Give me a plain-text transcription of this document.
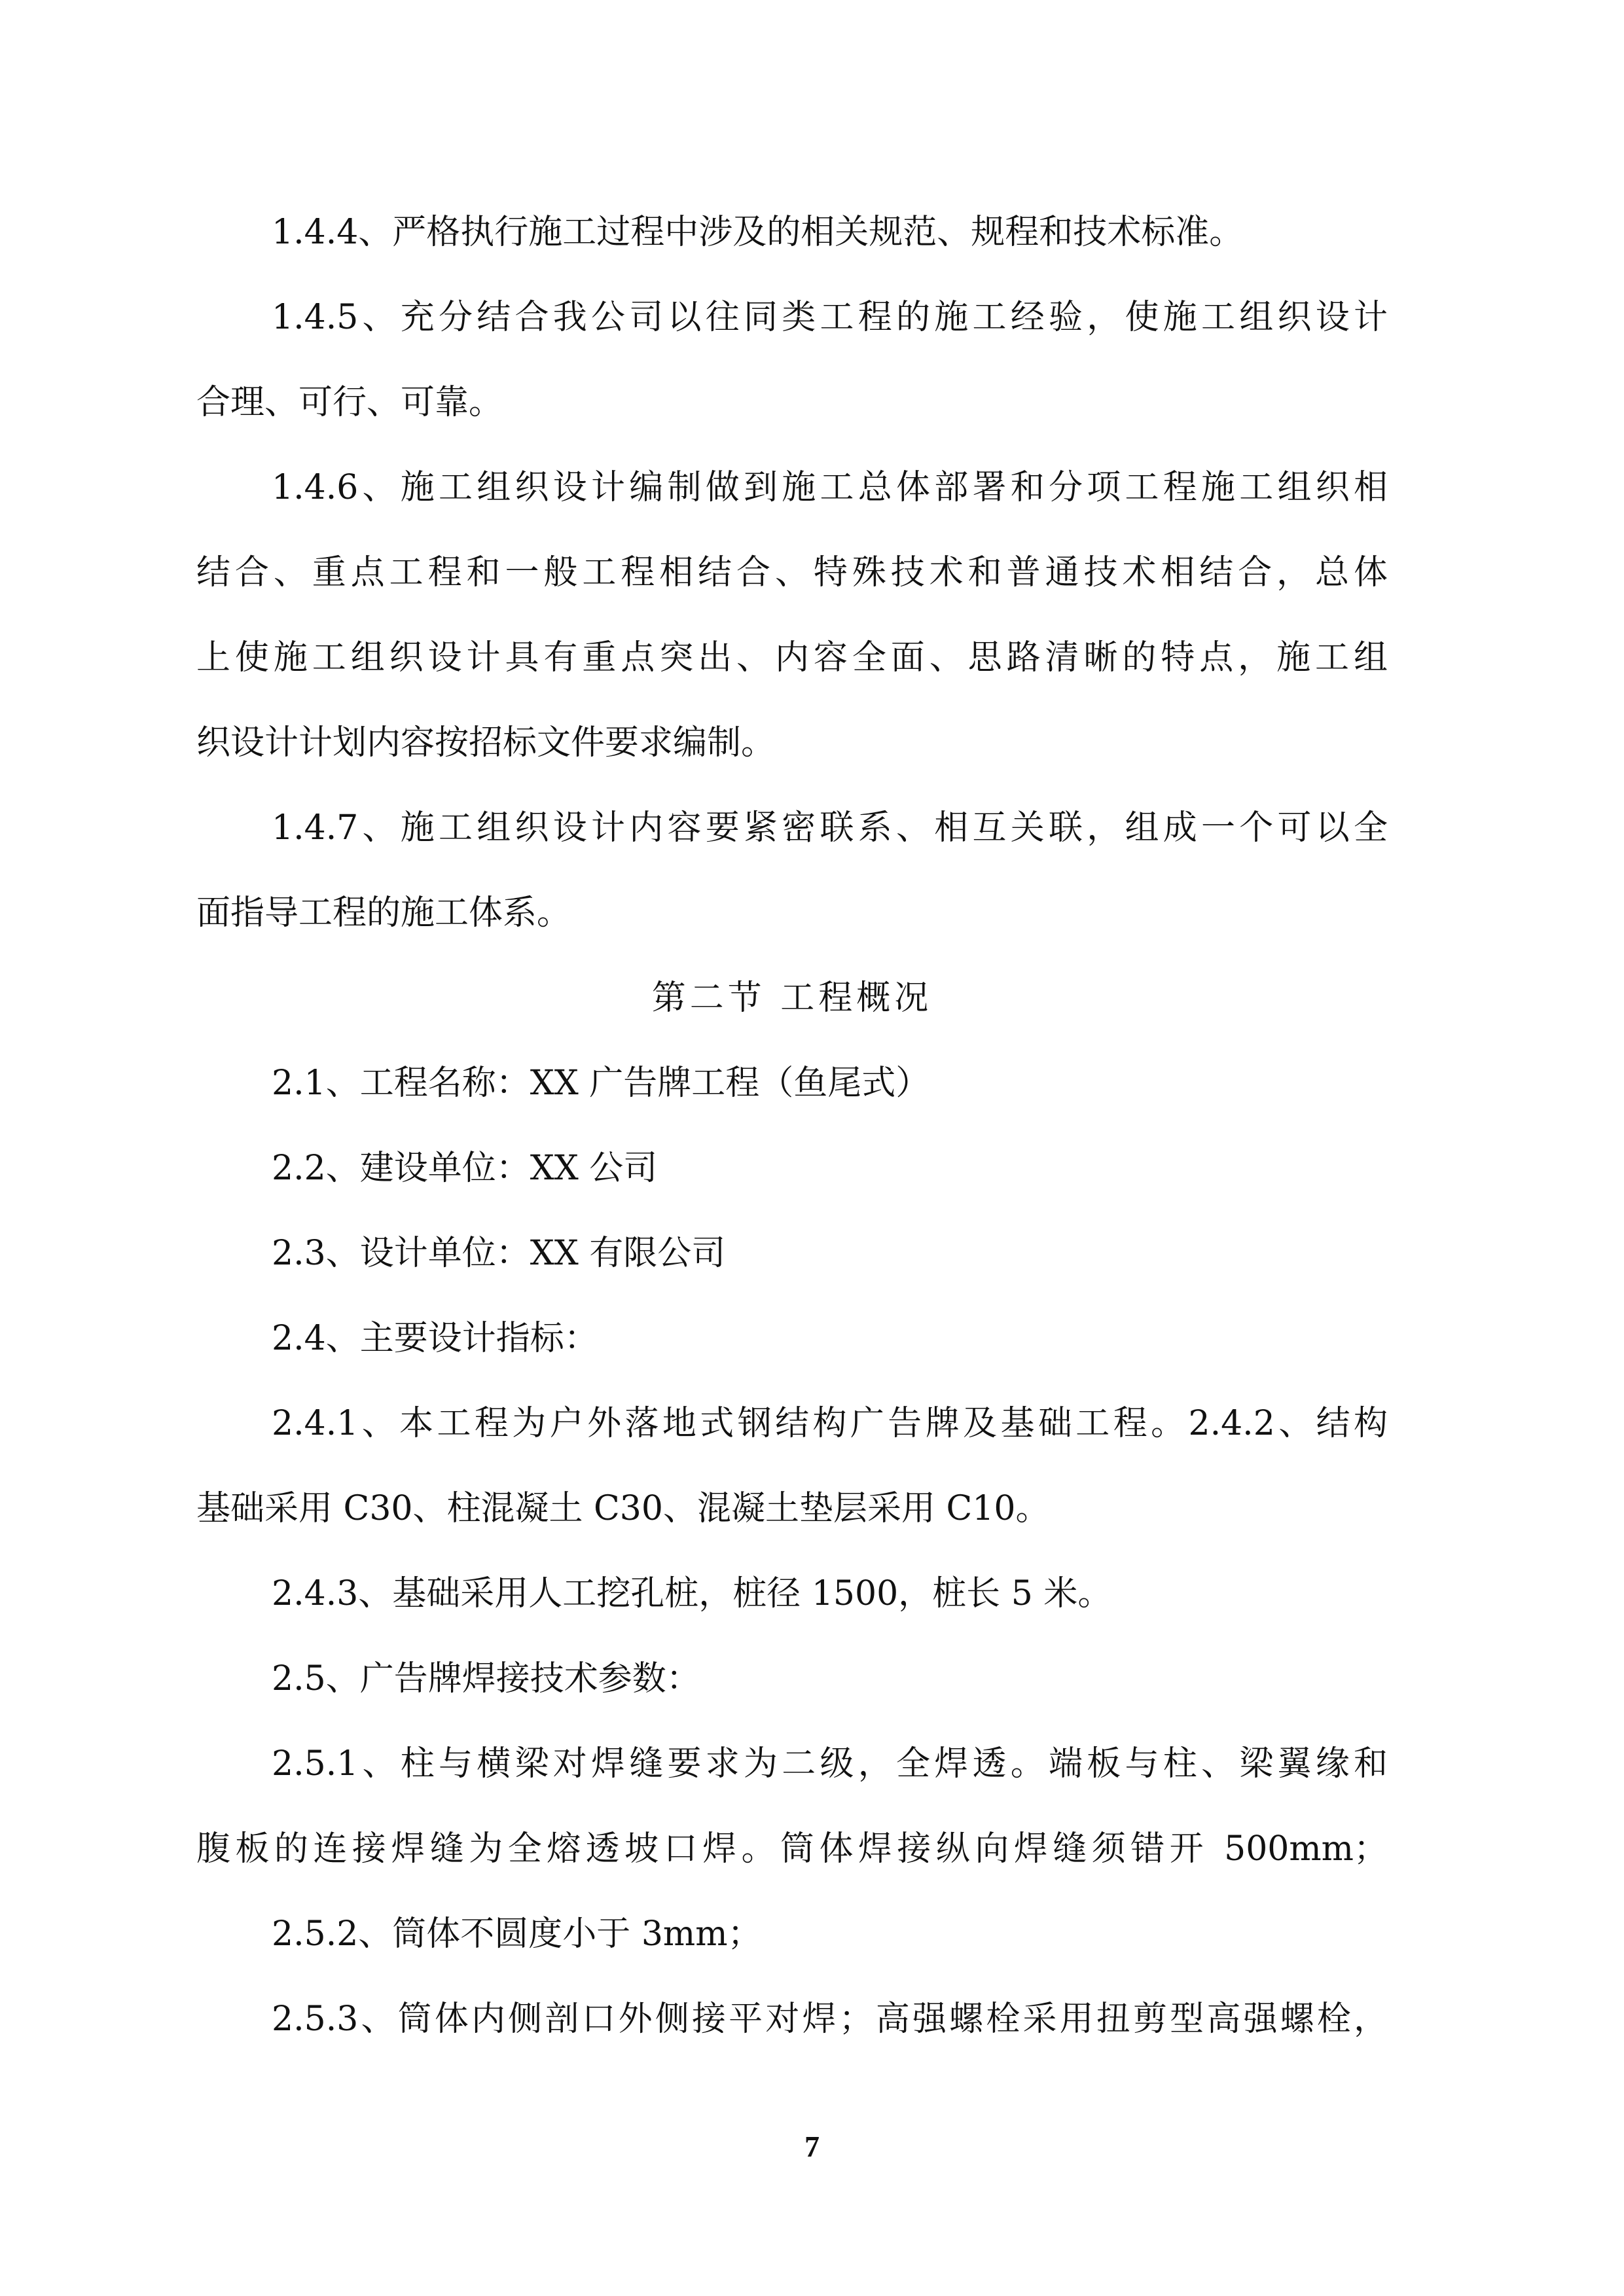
1.4.4、严格执行施工过程中涉及的相关规范、规程和技术标准。
1.4.5、充分结合我公司以往同类工程的施工经验，使施工组织设计
合理、可行、可靠。
1.4.6、施工组织设计编制做到施工总体部署和分项工程施工组织相
结合、重点工程和一般工程相结合、特殊技术和普通技术相结合，总体
上使施工组织设计具有重点突出、内容全面、思路清晰的特点，施工组
织设计计划内容按招标文件要求编制。
1.4.7、施工组织设计内容要紧密联系、相互关联，组成一个可以全
面指导工程的施工体系。
第二节 工程概况
2.1、工程名称：XX 广告牌工程（鱼尾式）
2.2、建设单位：XX 公司
2.3、设计单位：XX 有限公司
2.4、主要设计指标：
2.4.1、本工程为户外落地式钢结构广告牌及基础工程。2.4.2、结构
基础采用 C30、柱混凝土 C30、混凝土垫层采用 C10。
2.4.3、基础采用人工挖孔桩，桩径 1500，桩长 5 米。
2.5、广告牌焊接技术参数：
2.5.1、柱与横梁对焊缝要求为二级，全焊透。端板与柱、梁翼缘和
腹板的连接焊缝为全熔透坡口焊。筒体焊接纵向焊缝须错开 500mm；
2.5.2、筒体不圆度小于 3mm；
2.5.3、筒体内侧剖口外侧接平对焊；高强螺栓采用扭剪型高强螺栓，
7
